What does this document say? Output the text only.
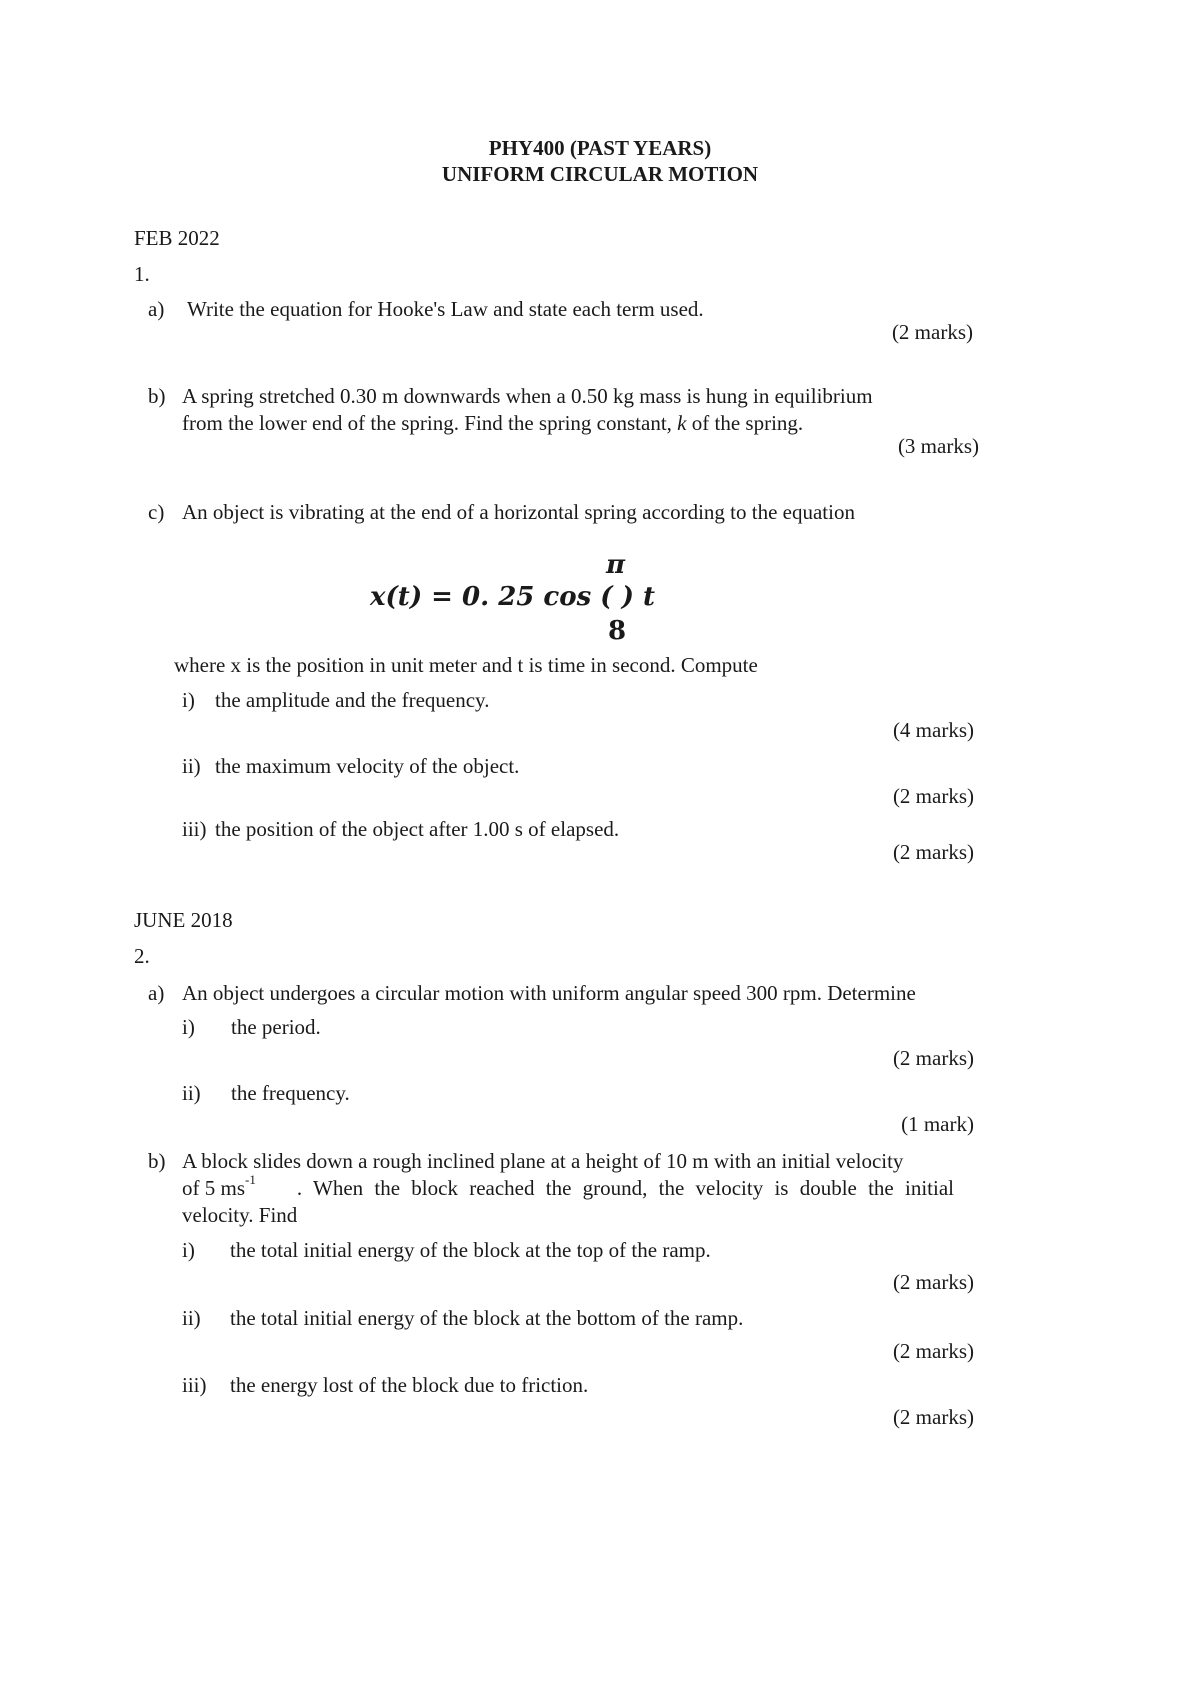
PHY400 (PAST YEARS)
UNIFORM CIRCULAR MOTION
FEB 2022
1.
a) Write the equation for Hooke's Law and state each term used.
(2 marks)
b) A spring stretched 0.30 m downwards when a 0.50 kg mass is hung in equilibrium
from the lower end of the spring. Find the spring constant, k of the spring.
(3 marks)
c) An object is vibrating at the end of a horizontal spring according to the equation
π
x(t) = 0. 25 cos ( ) t
8
where x is the position in unit meter and t is time in second. Compute
i) the amplitude and the frequency.
(4 marks)
ii) the maximum velocity of the object.
(2 marks)
iii) the position of the object after 1.00 s of elapsed.
(2 marks)
JUNE 2018
2.
a) An object undergoes a circular motion with uniform angular speed 300 rpm. Determine
i) the period.
(2 marks)
ii) the frequency.
(1 mark)
b) A block slides down a rough inclined plane at a height of 10 m with an initial velocity
of 5 $ms^{-1}$ . When the block reached the ground, the velocity is double the initial
velocity. Find
i) the total initial energy of the block at the top of the ramp.
(2 marks)
ii) the total initial energy of the block at the bottom of the ramp.
(2 marks)
iii) the energy lost of the block due to friction.
(2 marks)
